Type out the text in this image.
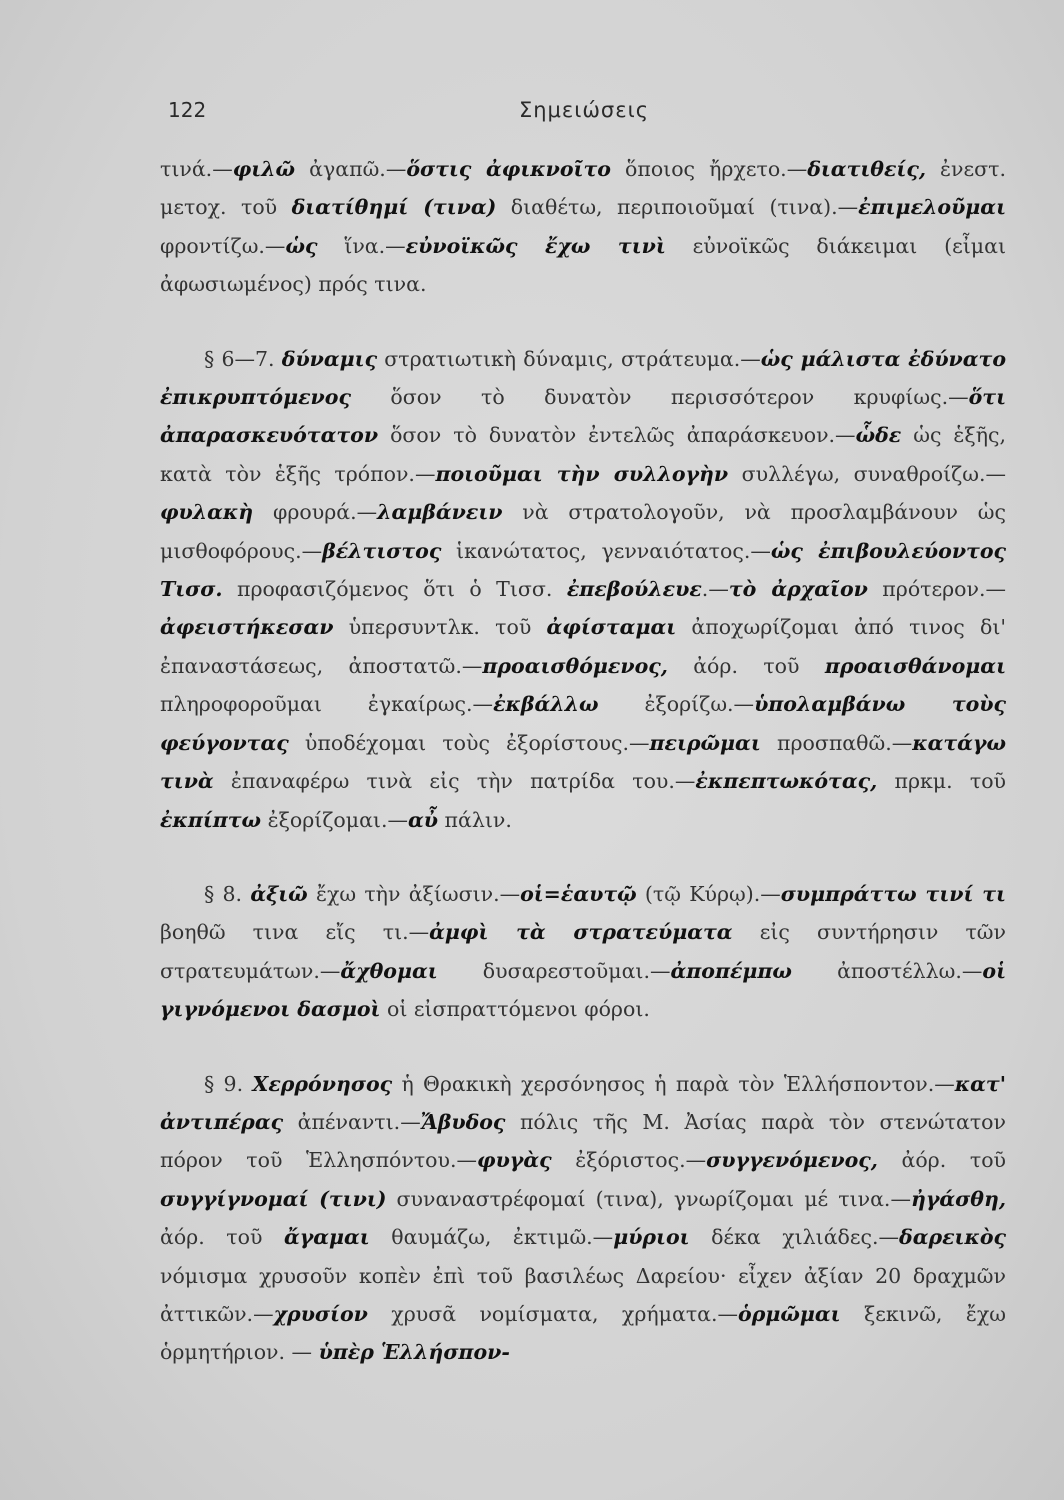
122	Σημειώσεις

τινά.—φιλῶ ἀγαπῶ.—ὅστις ἀφικνοῖτο ὅποιος ἤρχετο.—διατιθείς, ἐνεστ. μετοχ. τοῦ διατίθημί (τινα) διαθέτω, περιποιοῦμαί (τινα).—ἐπιμελοῦμαι φροντίζω.—ὡς ἵνα.—εὐνοϊκῶς ἔχω τινὶ εὐνοϊκῶς διάκειμαι (εἶμαι ἀφωσιωμένος) πρός τινα.

§ 6—7. δύναμις στρατιωτικὴ δύναμις, στράτευμα.—ὡς μάλιστα ἐδύνατο ἐπικρυπτόμενος ὅσον τὸ δυνατὸν περισσότερον κρυφίως.—ὅτι ἀπαρασκευότατον ὅσον τὸ δυνατὸν ἐντελῶς ἀπαράσκευον.—ὧδε ὡς ἑξῆς, κατὰ τὸν ἑξῆς τρόπον.—ποιοῦμαι τὴν συλλογὴν συλλέγω, συναθροίζω.—φυλακὴ φρουρά.—λαμβάνειν νὰ στρατολογοῦν, νὰ προσλαμβάνουν ὡς μισθοφόρους.—βέλτιστος ἱκανώτατος, γενναιότατος.—ὡς ἐπιβουλεύοντος Τισσ. προφασιζόμενος ὅτι ὁ Τισσ. ἐπεβούλευε.—τὸ ἀρχαῖον πρότερον.—ἀφειστήκεσαν ὑπερσυντλκ. τοῦ ἀφίσταμαι ἀποχωρίζομαι ἀπό τινος δι' ἐπαναστάσεως, ἀποστατῶ.—προαισθόμενος, ἀόρ. τοῦ προαισθάνομαι πληροφοροῦμαι ἐγκαίρως.—ἐκβάλλω ἐξορίζω.—ὑπολαμβάνω τοὺς φεύγοντας ὑποδέχομαι τοὺς ἐξορίστους.—πειρῶμαι προσπαθῶ.—κατάγω τινὰ ἐπαναφέρω τινὰ εἰς τὴν πατρίδα του.—ἐκπεπτωκότας, πρκμ. τοῦ ἐκπίπτω ἐξορίζομαι.—αὖ πάλιν.

§ 8. ἀξιῶ ἔχω τὴν ἀξίωσιν.—οἱ=ἑαυτῷ (τῷ Κύρῳ).—συμπράττω τινί τι βοηθῶ τινα εἴς τι.—ἀμφὶ τὰ στρατεύματα εἰς συντήρησιν τῶν στρατευμάτων.—ἄχθομαι δυσαρεστοῦμαι.—ἀποπέμπω ἀποστέλλω.—οἱ γιγνόμενοι δασμοὶ οἱ εἰσπραττόμενοι φόροι.

§ 9. Χερρόνησος ἡ Θρακικὴ χερσόνησος ἡ παρὰ τὸν Ἑλλήσποντον.—κατ' ἀντιπέρας ἀπέναντι.—Ἄβυδος πόλις τῆς Μ. Ἀσίας παρὰ τὸν στενώτατον πόρον τοῦ Ἑλλησπόντου.—φυγὰς ἐξόριστος.—συγγενόμενος, ἀόρ. τοῦ συγγίγνομαί (τινι) συναναστρέφομαί (τινα), γνωρίζομαι μέ τινα.—ἠγάσθη, ἀόρ. τοῦ ἄγαμαι θαυμάζω, ἐκτιμῶ.—μύριοι δέκα χιλιάδες.—δαρεικὸς νόμισμα χρυσοῦν κοπὲν ἐπὶ τοῦ βασιλέως Δαρείου· εἶχεν ἀξίαν 20 δραχμῶν ἀττικῶν.—χρυσίον χρυσᾶ νομίσματα, χρήματα.—ὁρμῶμαι ξεκινῶ, ἔχω ὁρμητήριον. — ὑπὲρ Ἑλλήσπον-
